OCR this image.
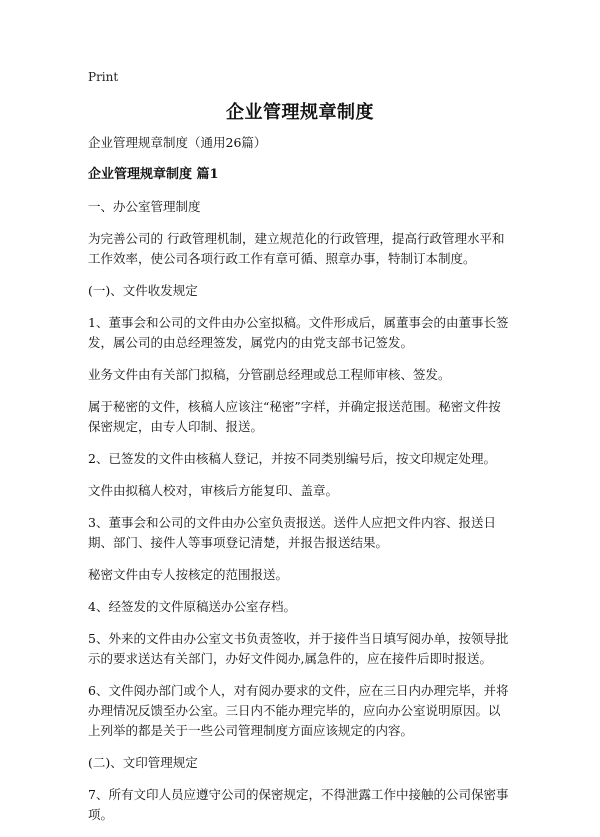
Print
企业管理规章制度

企业管理规章制度（通用26篇）

企业管理规章制度 篇1

一、办公室管理制度

为完善公司的 行政管理机制，建立规范化的行政管理，提高行政管理水平和工作效率，使公司各项行政工作有章可循、照章办事，特制订本制度。

(一)、文件收发规定

1、董事会和公司的文件由办公室拟稿。文件形成后，属董事会的由董事长签发，属公司的由总经理签发，属党内的由党支部书记签发。

业务文件由有关部门拟稿，分管副总经理或总工程师审核、签发。

属于秘密的文件，核稿人应该注“秘密”字样，并确定报送范围。秘密文件按保密规定，由专人印制、报送。

2、已签发的文件由核稿人登记，并按不同类别编号后，按文印规定处理。

文件由拟稿人校对，审核后方能复印、盖章。

3、董事会和公司的文件由办公室负责报送。送件人应把文件内容、报送日期、部门、接件人等事项登记清楚，并报告报送结果。

秘密文件由专人按核定的范围报送。

4、经签发的文件原稿送办公室存档。

5、外来的文件由办公室文书负责签收，并于接件当日填写阅办单，按领导批示的要求送达有关部门，办好文件阅办,属急件的，应在接件后即时报送。

6、文件阅办部门或个人，对有阅办要求的文件，应在三日内办理完毕，并将办理情况反馈至办公室。三日内不能办理完毕的，应向办公室说明原因。以上列举的都是关于一些公司管理制度方面应该规定的内容。

(二)、文印管理规定

7、所有文印人员应遵守公司的保密规定，不得泄露工作中接触的公司保密事项。
